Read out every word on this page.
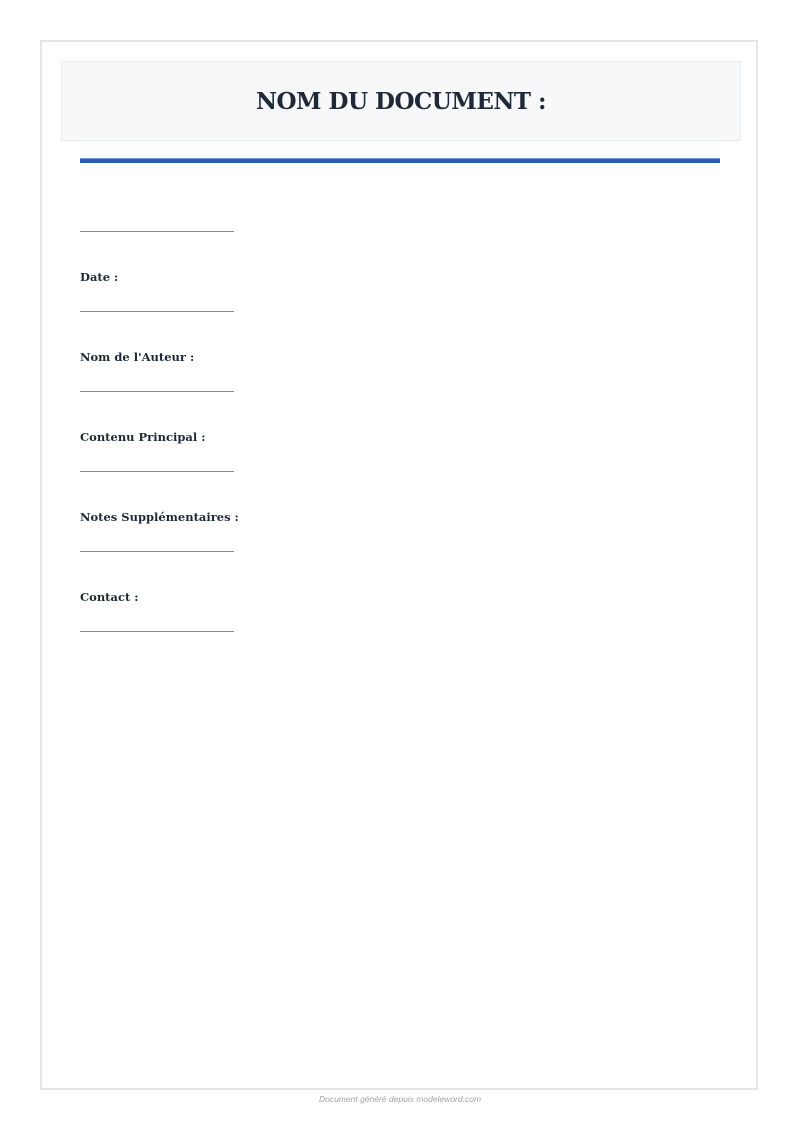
NOM DU DOCUMENT :
Date :
Nom de l'Auteur :
Contenu Principal :
Notes Supplémentaires :
Contact :
Document généré depuis modeleword.com
